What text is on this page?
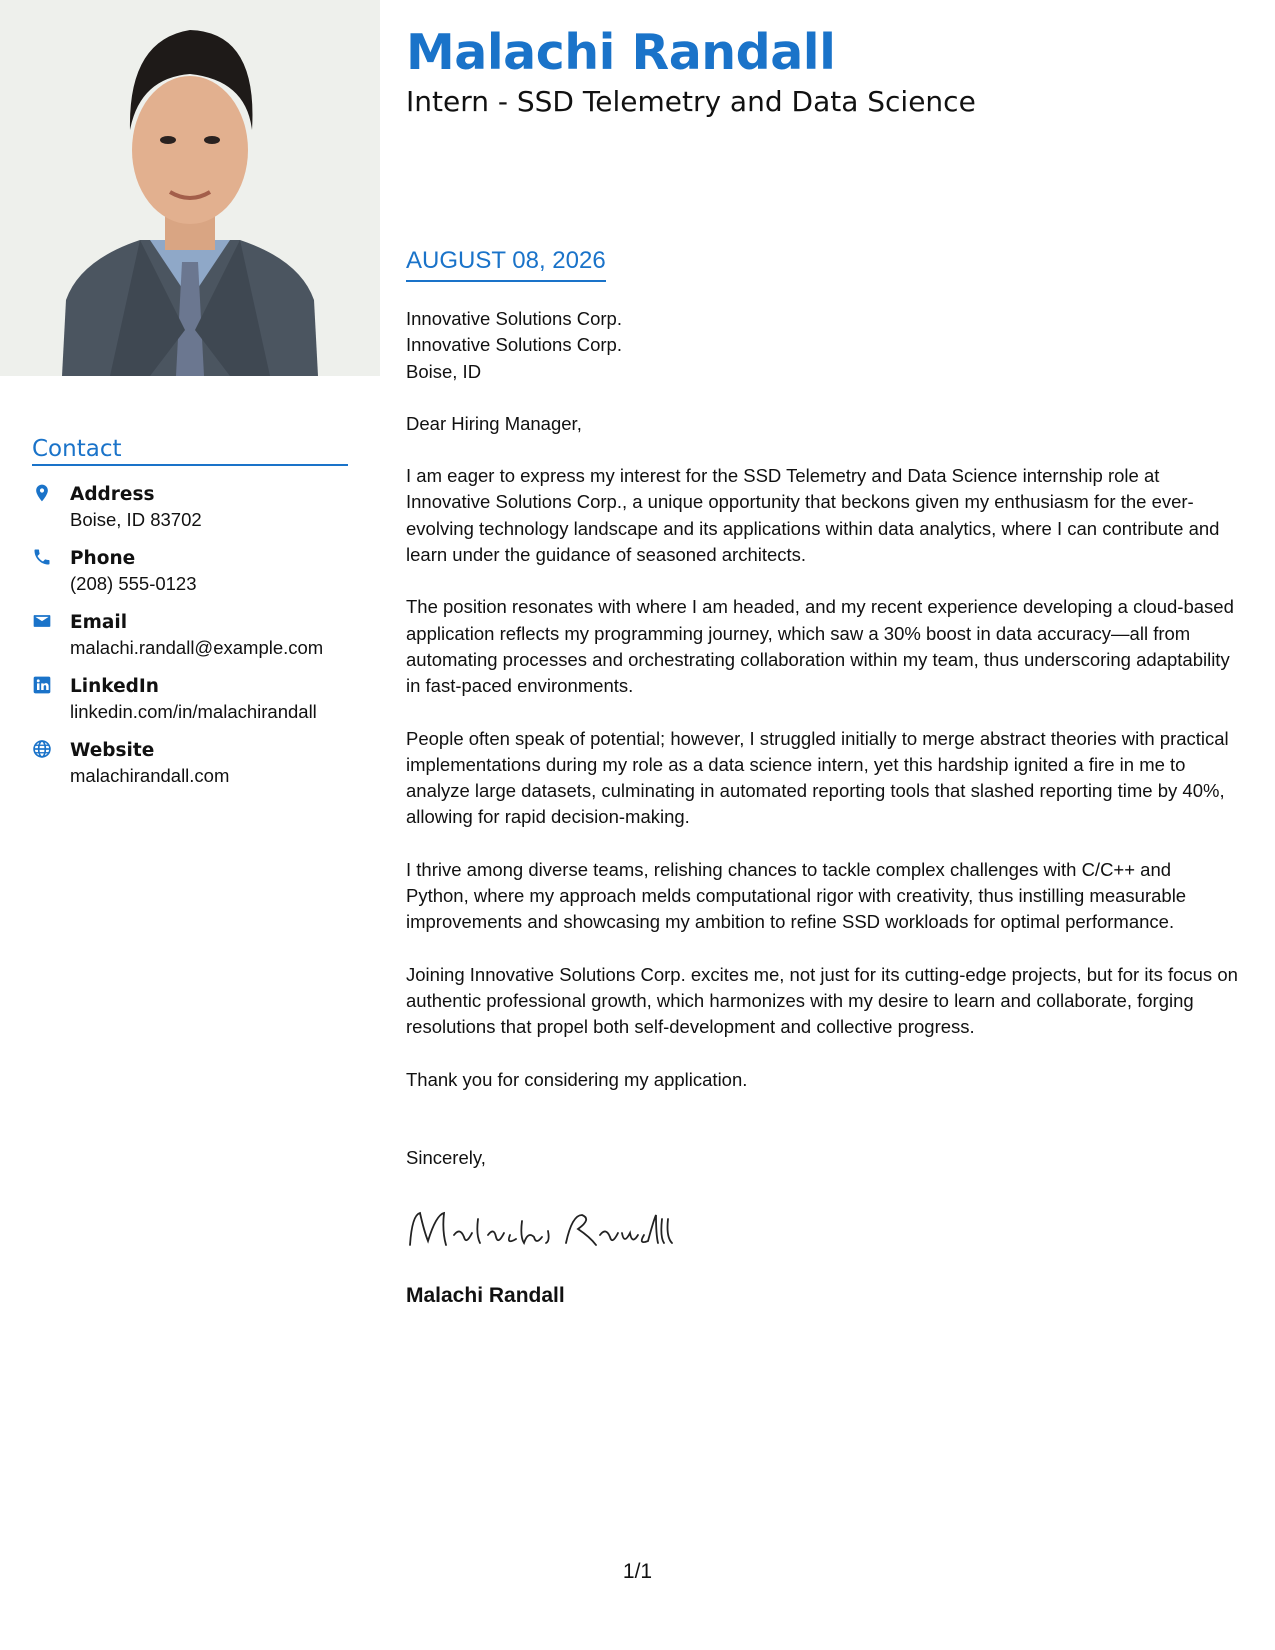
Contact
Address
Boise, ID 83702
Phone
(208) 555-0123
Email
malachi.randall@example.com
LinkedIn
linkedin.com/in/malachirandall
Website
malachirandall.com
Malachi Randall
Intern - SSD Telemetry and Data Science
AUGUST 08, 2026
Innovative Solutions Corp.
Innovative Solutions Corp.
Boise, ID

Dear Hiring Manager,

I am eager to express my interest for the SSD Telemetry and Data Science internship role at Innovative Solutions Corp., a unique opportunity that beckons given my enthusiasm for the ever-evolving technology landscape and its applications within data analytics, where I can contribute and learn under the guidance of seasoned architects.

The position resonates with where I am headed, and my recent experience developing a cloud-based application reflects my programming journey, which saw a 30% boost in data accuracy—all from automating processes and orchestrating collaboration within my team, thus underscoring adaptability in fast-paced environments.

People often speak of potential; however, I struggled initially to merge abstract theories with practical implementations during my role as a data science intern, yet this hardship ignited a fire in me to analyze large datasets, culminating in automated reporting tools that slashed reporting time by 40%, allowing for rapid decision-making.

I thrive among diverse teams, relishing chances to tackle complex challenges with C/C++ and Python, where my approach melds computational rigor with creativity, thus instilling measurable improvements and showcasing my ambition to refine SSD workloads for optimal performance.

Joining Innovative Solutions Corp. excites me, not just for its cutting-edge projects, but for its focus on authentic professional growth, which harmonizes with my desire to learn and collaborate, forging resolutions that propel both self-development and collective progress.

Thank you for considering my application.

Sincerely,
Malachi Randall
1/1
